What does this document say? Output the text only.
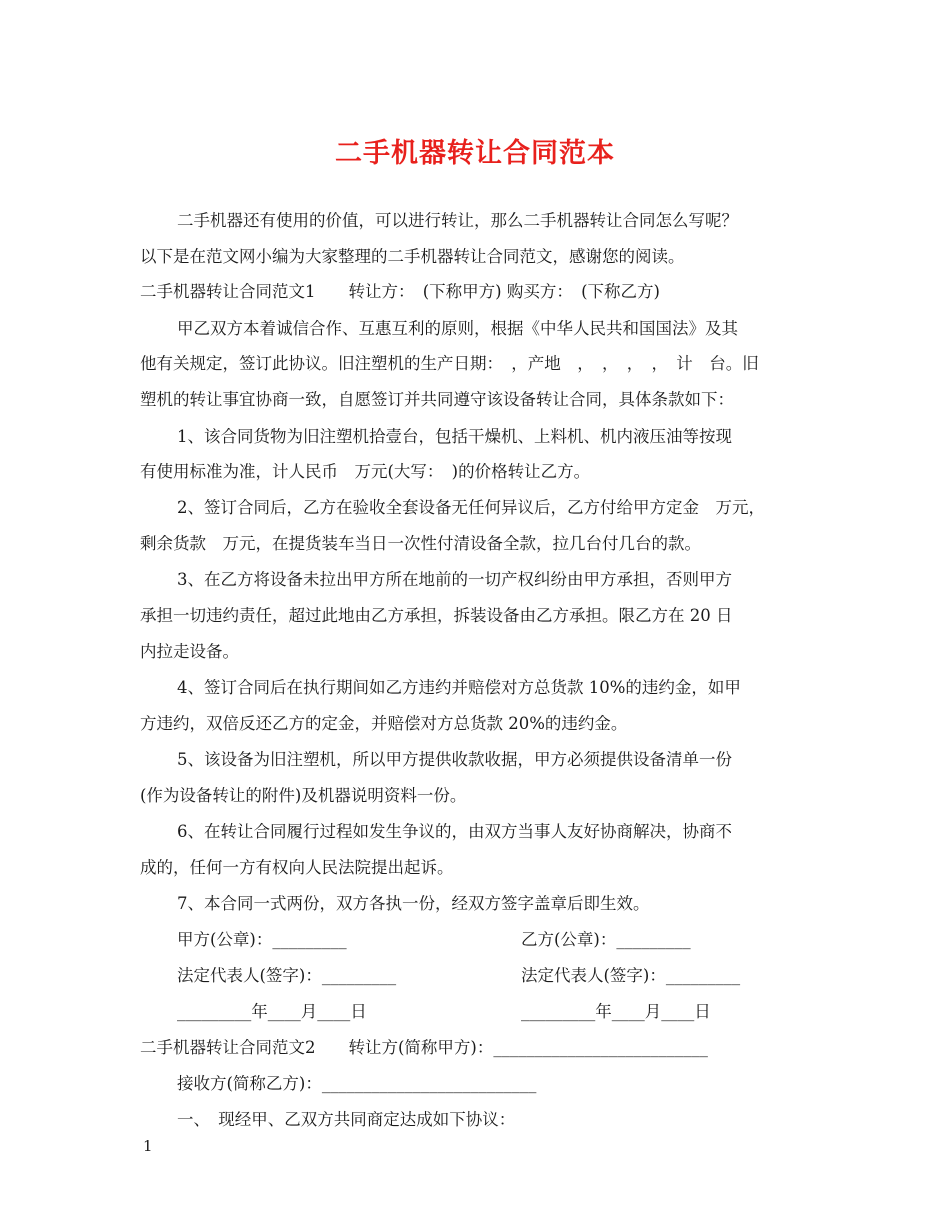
二手机器转让合同范本
二手机器还有使用的价值，可以进行转让，那么二手机器转让合同怎么写呢？
以下是在范文网小编为大家整理的二手机器转让合同范文，感谢您的阅读。
二手机器转让合同范文1　　转让方：　(下称甲方) 购买方：　(下称乙方)
甲乙双方本着诚信合作、互惠互利的原则，根据《中华人民共和国国法》及其
他有关规定，签订此协议。旧注塑机的生产日期：　，产地　，　，　，　，　计　台。旧
塑机的转让事宜协商一致，自愿签订并共同遵守该设备转让合同，具体条款如下：
1、该合同货物为旧注塑机拾壹台，包括干燥机、上料机、机内液压油等按现
有使用标准为准，计人民币　万元(大写：　)的价格转让乙方。
2、签订合同后，乙方在验收全套设备无任何异议后，乙方付给甲方定金　万元，
剩余货款　万元，在提货装车当日一次性付清设备全款，拉几台付几台的款。
3、在乙方将设备未拉出甲方所在地前的一切产权纠纷由甲方承担，否则甲方
承担一切违约责任，超过此地由乙方承担，拆装设备由乙方承担。限乙方在 20 日
内拉走设备。
4、签订合同后在执行期间如乙方违约并赔偿对方总货款 10%的违约金，如甲
方违约，双倍反还乙方的定金，并赔偿对方总货款 20%的违约金。
5、该设备为旧注塑机，所以甲方提供收款收据，甲方必须提供设备清单一份
(作为设备转让的附件)及机器说明资料一份。
6、在转让合同履行过程如发生争议的，由双方当事人友好协商解决，协商不
成的，任何一方有权向人民法院提出起诉。
7、本合同一式两份，双方各执一份，经双方签字盖章后即生效。
甲方(公章)：_________	乙方(公章)：_________
法定代表人(签字)：_________	法定代表人(签字)：_________
_________年____月____日	_________年____月____日
二手机器转让合同范文2　　转让方(简称甲方)：__________________________
接收方(简称乙方)：__________________________
一、　现经甲、乙双方共同商定达成如下协议：
1
